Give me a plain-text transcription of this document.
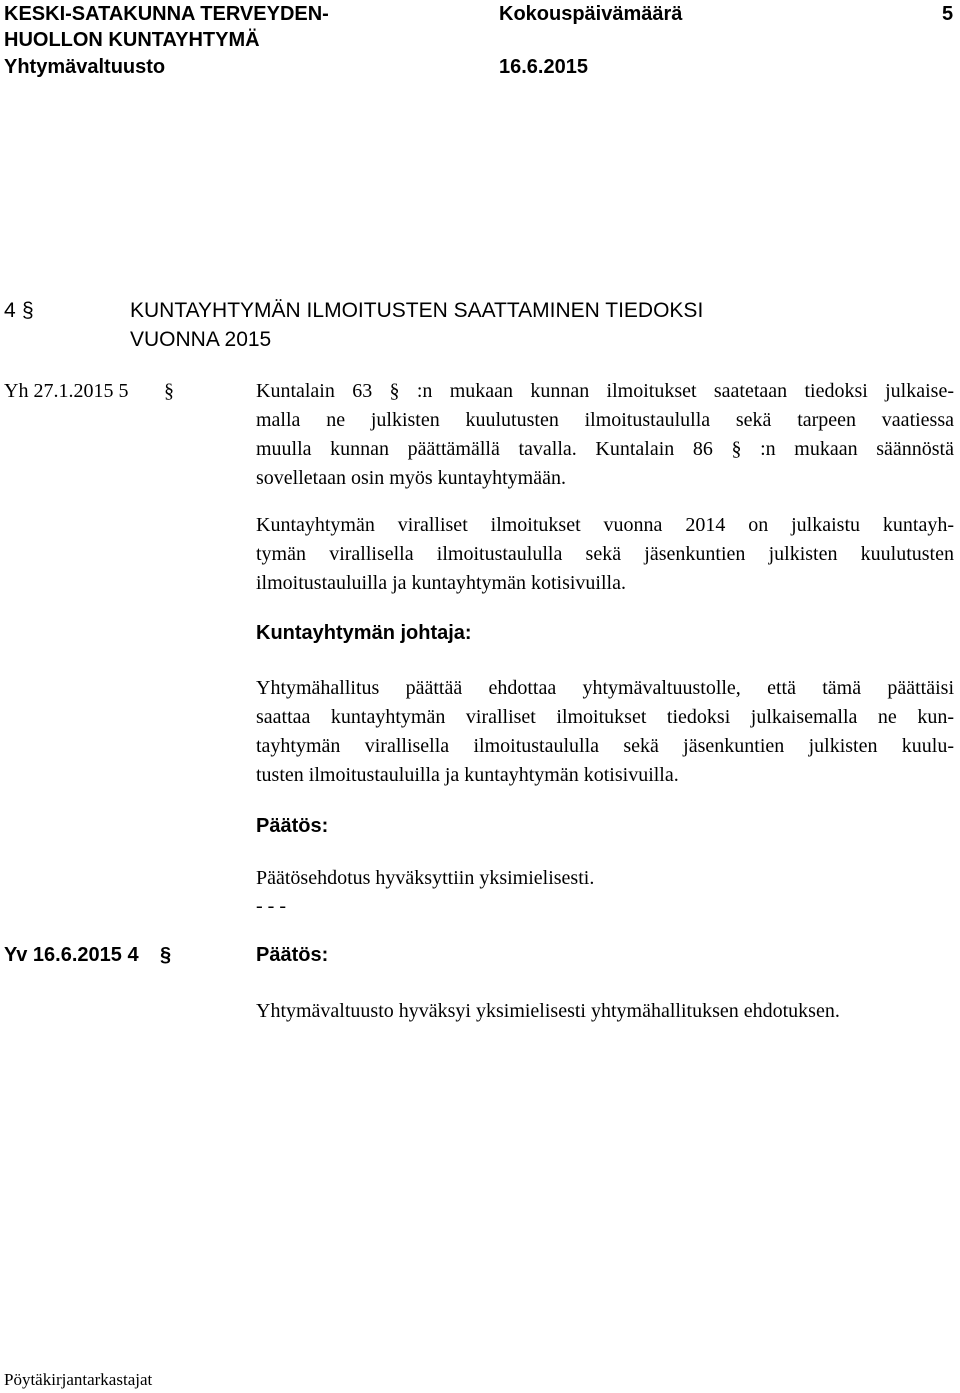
KESKI-SATAKUNNA TERVEYDEN-
HUOLLON KUNTAYHTYMÄ
Yhtymävaltuusto
Kokouspäivämäärä	5
16.6.2015
4 §	KUNTAYHTYMÄN ILMOITUSTEN SAATTAMINEN TIEDOKSI
VUONNA 2015
Yh 27.1.2015 5 §	Kuntalain 63 § :n mukaan kunnan ilmoitukset saatetaan tiedoksi julkaise-
malla ne julkisten kuulutusten ilmoitustaululla sekä tarpeen vaatiessa
muulla kunnan päättämällä tavalla. Kuntalain 86 § :n mukaan säännöstä
sovelletaan osin myös kuntayhtymään.
Kuntayhtymän viralliset ilmoitukset vuonna 2014 on julkaistu kuntayh-
tymän virallisella ilmoitustaululla sekä jäsenkuntien julkisten kuulutusten
ilmoitustauluilla ja kuntayhtymän kotisivuilla.
Kuntayhtymän johtaja:
Yhtymähallitus päättää ehdottaa yhtymävaltuustolle, että tämä päättäisi
saattaa kuntayhtymän viralliset ilmoitukset tiedoksi julkaisemalla ne kun-
tayhtymän virallisella ilmoitustaululla sekä jäsenkuntien julkisten kuulu-
tusten ilmoitustauluilla ja kuntayhtymän kotisivuilla.
Päätös:
Päätösehdotus hyväksyttiin yksimielisesti.
- - -
Yv 16.6.2015 4 §	Päätös:
Yhtymävaltuusto hyväksyi yksimielisesti yhtymähallituksen ehdotuksen.
Pöytäkirjantarkastajat
